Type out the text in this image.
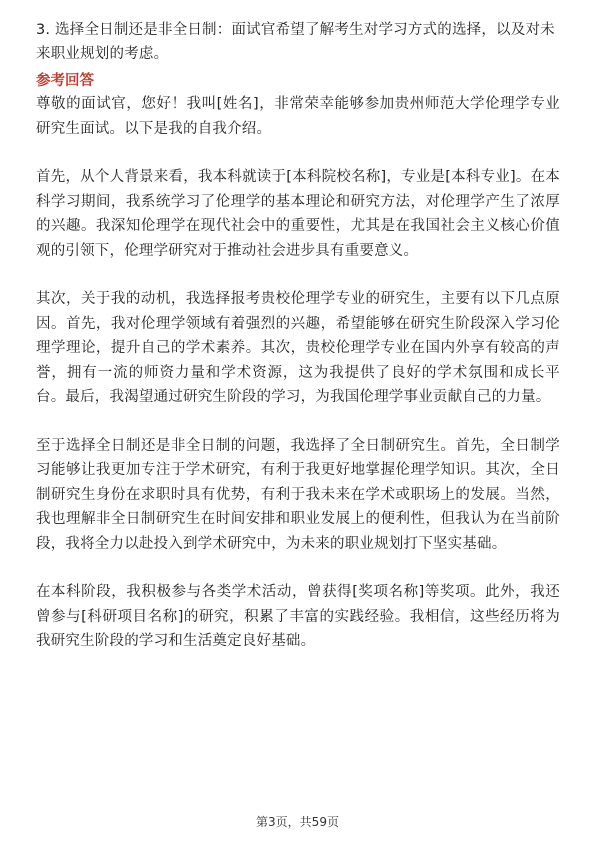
3. 选择全日制还是非全日制：面试官希望了解考生对学习方式的选择，以及对未来职业规划的考虑。

参考回答

尊敬的面试官，您好！我叫[姓名]，非常荣幸能够参加贵州师范大学伦理学专业研究生面试。以下是我的自我介绍。

首先，从个人背景来看，我本科就读于[本科院校名称]，专业是[本科专业]。在本科学习期间，我系统学习了伦理学的基本理论和研究方法，对伦理学产生了浓厚的兴趣。我深知伦理学在现代社会中的重要性，尤其是在我国社会主义核心价值观的引领下，伦理学研究对于推动社会进步具有重要意义。

其次，关于我的动机，我选择报考贵校伦理学专业的研究生，主要有以下几点原因。首先，我对伦理学领域有着强烈的兴趣，希望能够在研究生阶段深入学习伦理学理论，提升自己的学术素养。其次，贵校伦理学专业在国内外享有较高的声誉，拥有一流的师资力量和学术资源，这为我提供了良好的学术氛围和成长平台。最后，我渴望通过研究生阶段的学习，为我国伦理学事业贡献自己的力量。

至于选择全日制还是非全日制的问题，我选择了全日制研究生。首先，全日制学习能够让我更加专注于学术研究，有利于我更好地掌握伦理学知识。其次，全日制研究生身份在求职时具有优势，有利于我未来在学术或职场上的发展。当然，我也理解非全日制研究生在时间安排和职业发展上的便利性，但我认为在当前阶段，我将全力以赴投入到学术研究中，为未来的职业规划打下坚实基础。

在本科阶段，我积极参与各类学术活动，曾获得[奖项名称]等奖项。此外，我还曾参与[科研项目名称]的研究，积累了丰富的实践经验。我相信，这些经历将为我研究生阶段的学习和生活奠定良好基础。

第3页，共59页
